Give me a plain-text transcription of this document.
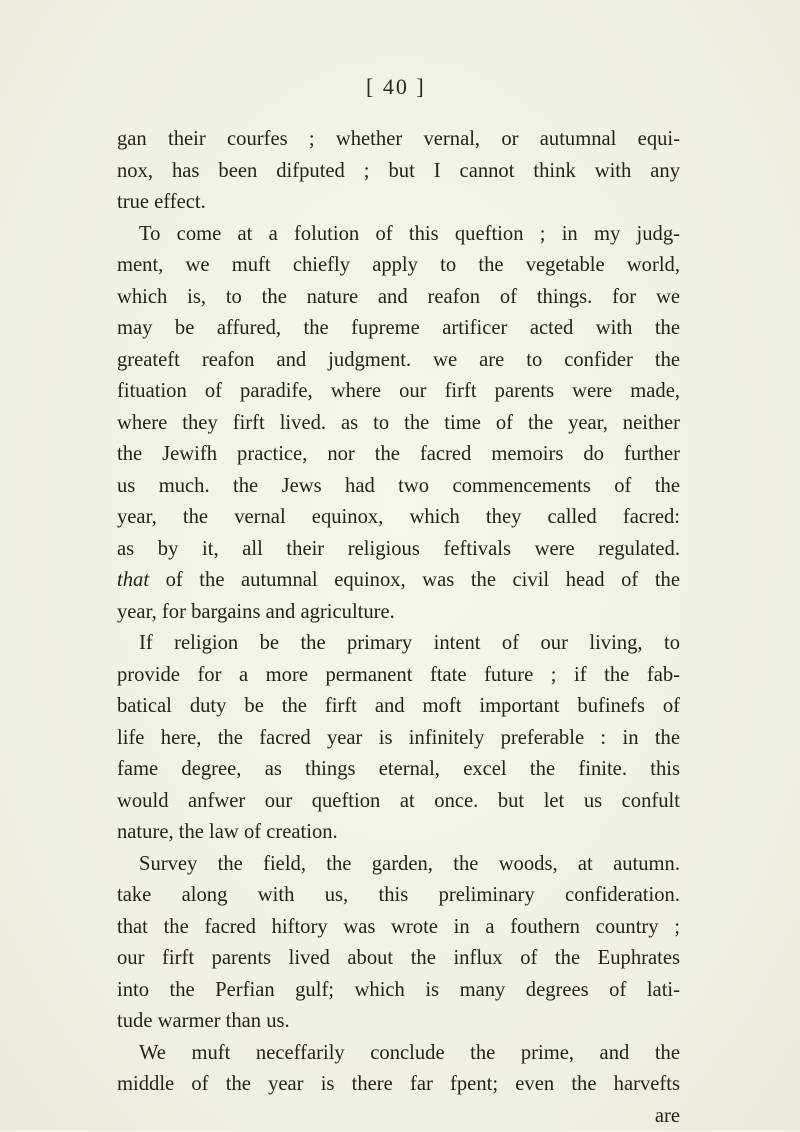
[ 40 ]
gan their courfes ; whether vernal, or autumnal equi-
nox, has been difputed ; but I cannot think with any
true effect.
To come at a folution of this queftion ; in my judg-
ment, we muft chiefly apply to the vegetable world,
which is, to the nature and reafon of things. for we
may be affured, the fupreme artificer acted with the
greateft reafon and judgment. we are to confider the
fituation of paradife, where our firft parents were made,
where they firft lived. as to the time of the year, neither
the Jewifh practice, nor the facred memoirs do further
us much. the Jews had two commencements of the
year, the vernal equinox, which they called facred:
as by it, all their religious feftivals were regulated.
that of the autumnal equinox, was the civil head of the
year, for bargains and agriculture.
If religion be the primary intent of our living, to
provide for a more permanent ftate future ; if the fab-
batical duty be the firft and moft important bufinefs of
life here, the facred year is infinitely preferable : in the
fame degree, as things eternal, excel the finite. this
would anfwer our queftion at once. but let us confult
nature, the law of creation.
Survey the field, the garden, the woods, at autumn.
take along with us, this preliminary confideration.
that the facred hiftory was wrote in a fouthern country ;
our firft parents lived about the influx of the Euphrates
into the Perfian gulf; which is many degrees of lati-
tude warmer than us.
We muft neceffarily conclude the prime, and the
middle of the year is there far fpent; even the harvefts
are
